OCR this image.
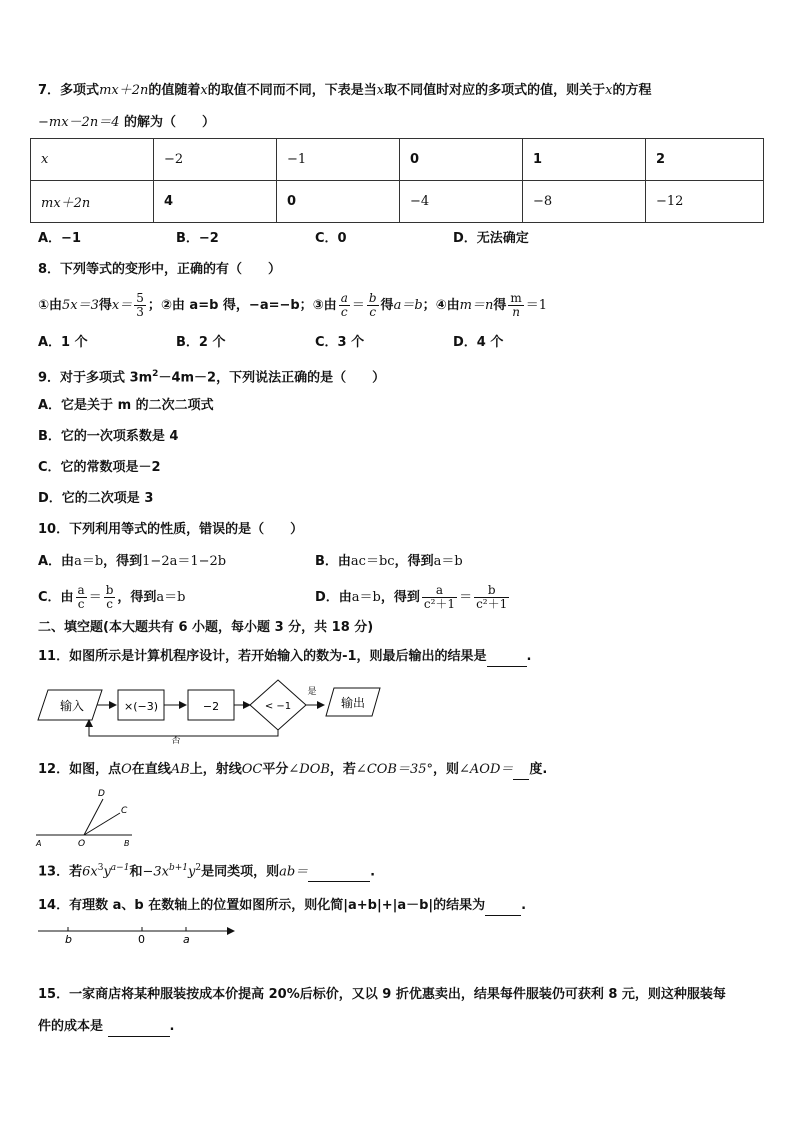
7．多项式mx＋2n的值随着x的取值不同而不同，下表是当x取不同值时对应的多项式的值，则关于x的方程
−mx－2n＝4 的解为（　　）
x	−2	−1	0	1	2
mx＋2n	4	0	−4	−8	−12
A．−1	B．−2	C．0	D．无法确定
8．下列等式的变形中，正确的有（　　）
①由5x＝3得$x= \frac{5}{3}$ ；②由 a=b 得，−a=−b；③由 $\frac{a}{c} = \frac{b}{c}$ 得a＝b；④由m＝n得 $\frac{m}{n} =1$
A．1 个	B．2 个	C．3 个	D．4 个
9．对于多项式 $3m^2-4m-2$，下列说法正确的是（　　）
A．它是关于 m 的二次二项式
B．它的一次项系数是 4
C．它的常数项是－2
D．它的二次项是 3
10．下列利用等式的性质，错误的是（　　）
A．由a＝b，得到1−2a＝1−2b	B．由ac＝bc，得到a＝b
C．由 $\frac{a}{c} = \frac{b}{c}$ ，得到a＝b	D．由a＝b，得到 $\frac{a}{\text{c²＋1}} = \frac{b}{\text{c²＋1}}$
二、填空题(本大题共有 6 小题，每小题 3 分，共 18 分)
11．如图所示是计算机程序设计，若开始输入的数为-1，则最后输出的结果是	.
输入	×(−3)	−2	< −1
是
输出
否
12．如图，点O在直线AB上，射线OC平分∠DOB，若∠COB＝35°，则∠AOD＝ 度.
D
C
A	O	B
13．若$6x^3y^{a-1}$和$-3x^{b+1}y^2$是同类项，则ab＝	.
14．有理数 a、b 在数轴上的位置如图所示，则化简|a+b|+|a－b|的结果为	.
b	0	a
15．一家商店将某种服装按成本价提高 20%后标价，又以 9 折优惠卖出，结果每件服装仍可获利 8 元，则这种服装每
件的成本是	.
